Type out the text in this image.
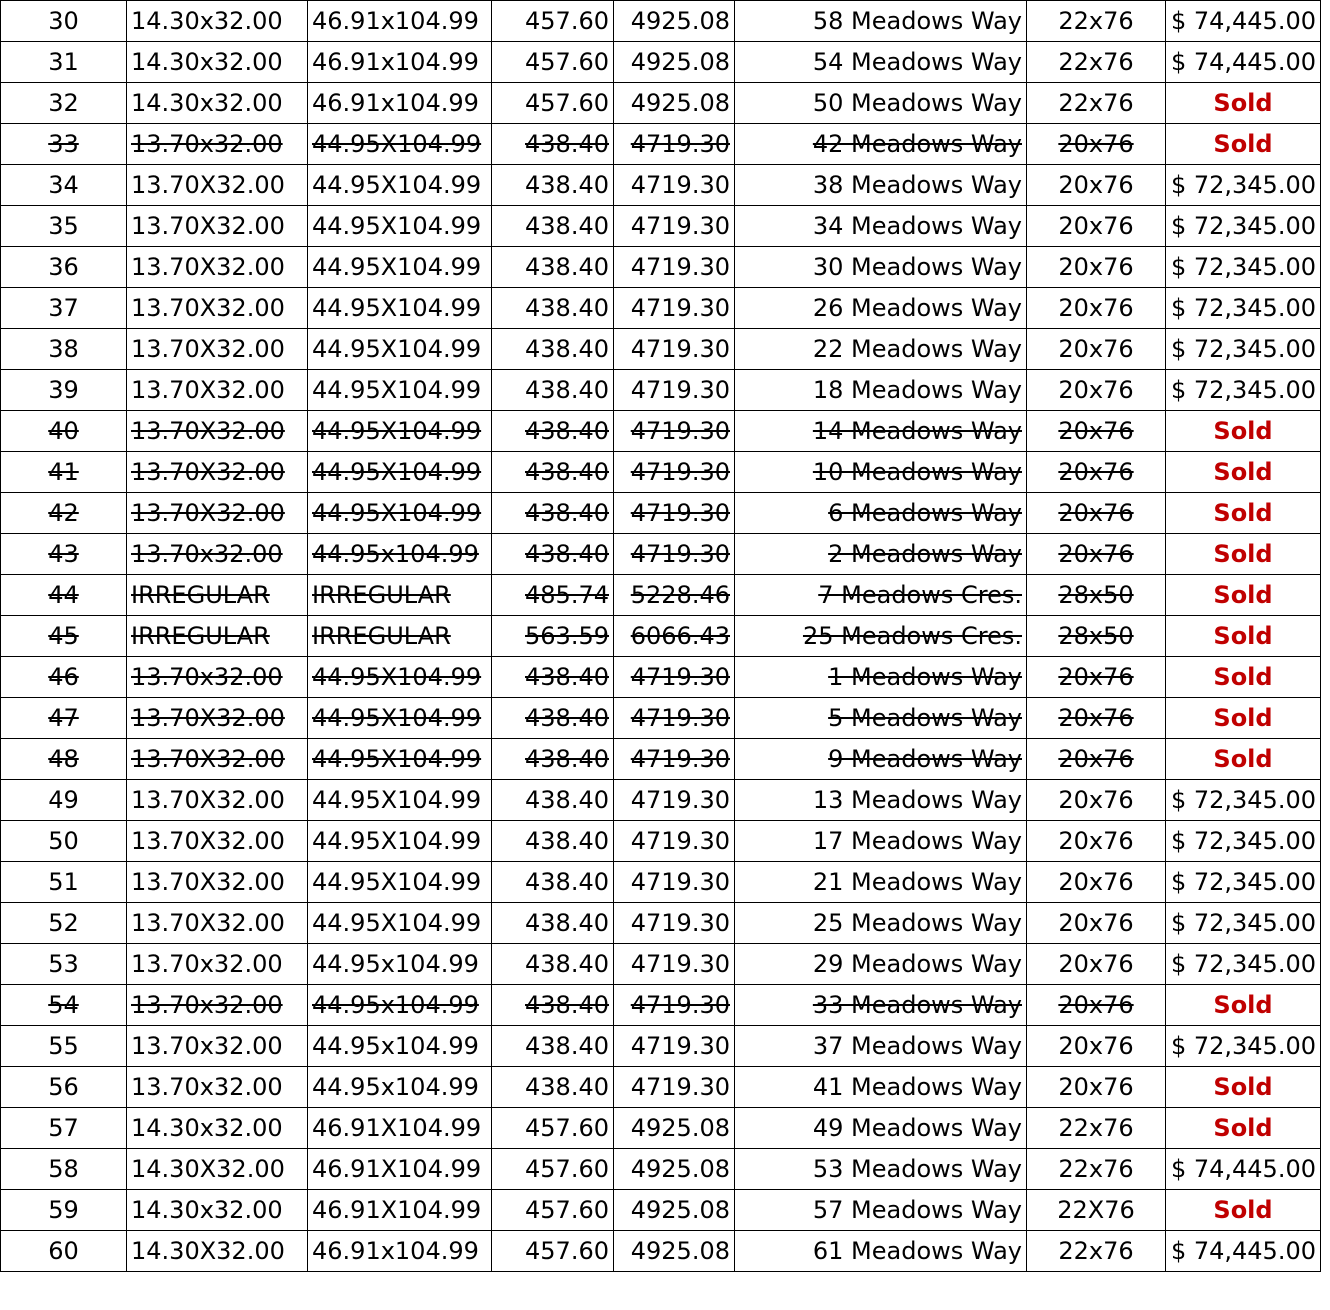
30	14.30x32.00	46.91x104.99	457.60	4925.08	58 Meadows Way	22x76	$ 74,445.00
31	14.30x32.00	46.91x104.99	457.60	4925.08	54 Meadows Way	22x76	$ 74,445.00
32	14.30x32.00	46.91x104.99	457.60	4925.08	50 Meadows Way	22x76	Sold
33	13.70x32.00	44.95X104.99	438.40	4719.30	42 Meadows Way	20x76	Sold
34	13.70X32.00	44.95X104.99	438.40	4719.30	38 Meadows Way	20x76	$ 72,345.00
35	13.70X32.00	44.95X104.99	438.40	4719.30	34 Meadows Way	20x76	$ 72,345.00
36	13.70X32.00	44.95X104.99	438.40	4719.30	30 Meadows Way	20x76	$ 72,345.00
37	13.70X32.00	44.95X104.99	438.40	4719.30	26 Meadows Way	20x76	$ 72,345.00
38	13.70X32.00	44.95X104.99	438.40	4719.30	22 Meadows Way	20x76	$ 72,345.00
39	13.70X32.00	44.95X104.99	438.40	4719.30	18 Meadows Way	20x76	$ 72,345.00
40	13.70X32.00	44.95X104.99	438.40	4719.30	14 Meadows Way	20x76	Sold
41	13.70X32.00	44.95X104.99	438.40	4719.30	10 Meadows Way	20x76	Sold
42	13.70X32.00	44.95X104.99	438.40	4719.30	6 Meadows Way	20x76	Sold
43	13.70x32.00	44.95x104.99	438.40	4719.30	2 Meadows Way	20x76	Sold
44	IRREGULAR	IRREGULAR	485.74	5228.46	7 Meadows Cres.	28x50	Sold
45	IRREGULAR	IRREGULAR	563.59	6066.43	25 Meadows Cres.	28x50	Sold
46	13.70x32.00	44.95X104.99	438.40	4719.30	1 Meadows Way	20x76	Sold
47	13.70X32.00	44.95X104.99	438.40	4719.30	5 Meadows Way	20x76	Sold
48	13.70X32.00	44.95X104.99	438.40	4719.30	9 Meadows Way	20x76	Sold
49	13.70X32.00	44.95X104.99	438.40	4719.30	13 Meadows Way	20x76	$ 72,345.00
50	13.70X32.00	44.95X104.99	438.40	4719.30	17 Meadows Way	20x76	$ 72,345.00
51	13.70X32.00	44.95X104.99	438.40	4719.30	21 Meadows Way	20x76	$ 72,345.00
52	13.70X32.00	44.95X104.99	438.40	4719.30	25 Meadows Way	20x76	$ 72,345.00
53	13.70x32.00	44.95x104.99	438.40	4719.30	29 Meadows Way	20x76	$ 72,345.00
54	13.70x32.00	44.95x104.99	438.40	4719.30	33 Meadows Way	20x76	Sold
55	13.70x32.00	44.95x104.99	438.40	4719.30	37 Meadows Way	20x76	$ 72,345.00
56	13.70x32.00	44.95x104.99	438.40	4719.30	41 Meadows Way	20x76	Sold
57	14.30x32.00	46.91X104.99	457.60	4925.08	49 Meadows Way	22x76	Sold
58	14.30X32.00	46.91X104.99	457.60	4925.08	53 Meadows Way	22x76	$ 74,445.00
59	14.30x32.00	46.91X104.99	457.60	4925.08	57 Meadows Way	22X76	Sold
60	14.30X32.00	46.91x104.99	457.60	4925.08	61 Meadows Way	22x76	$ 74,445.00
